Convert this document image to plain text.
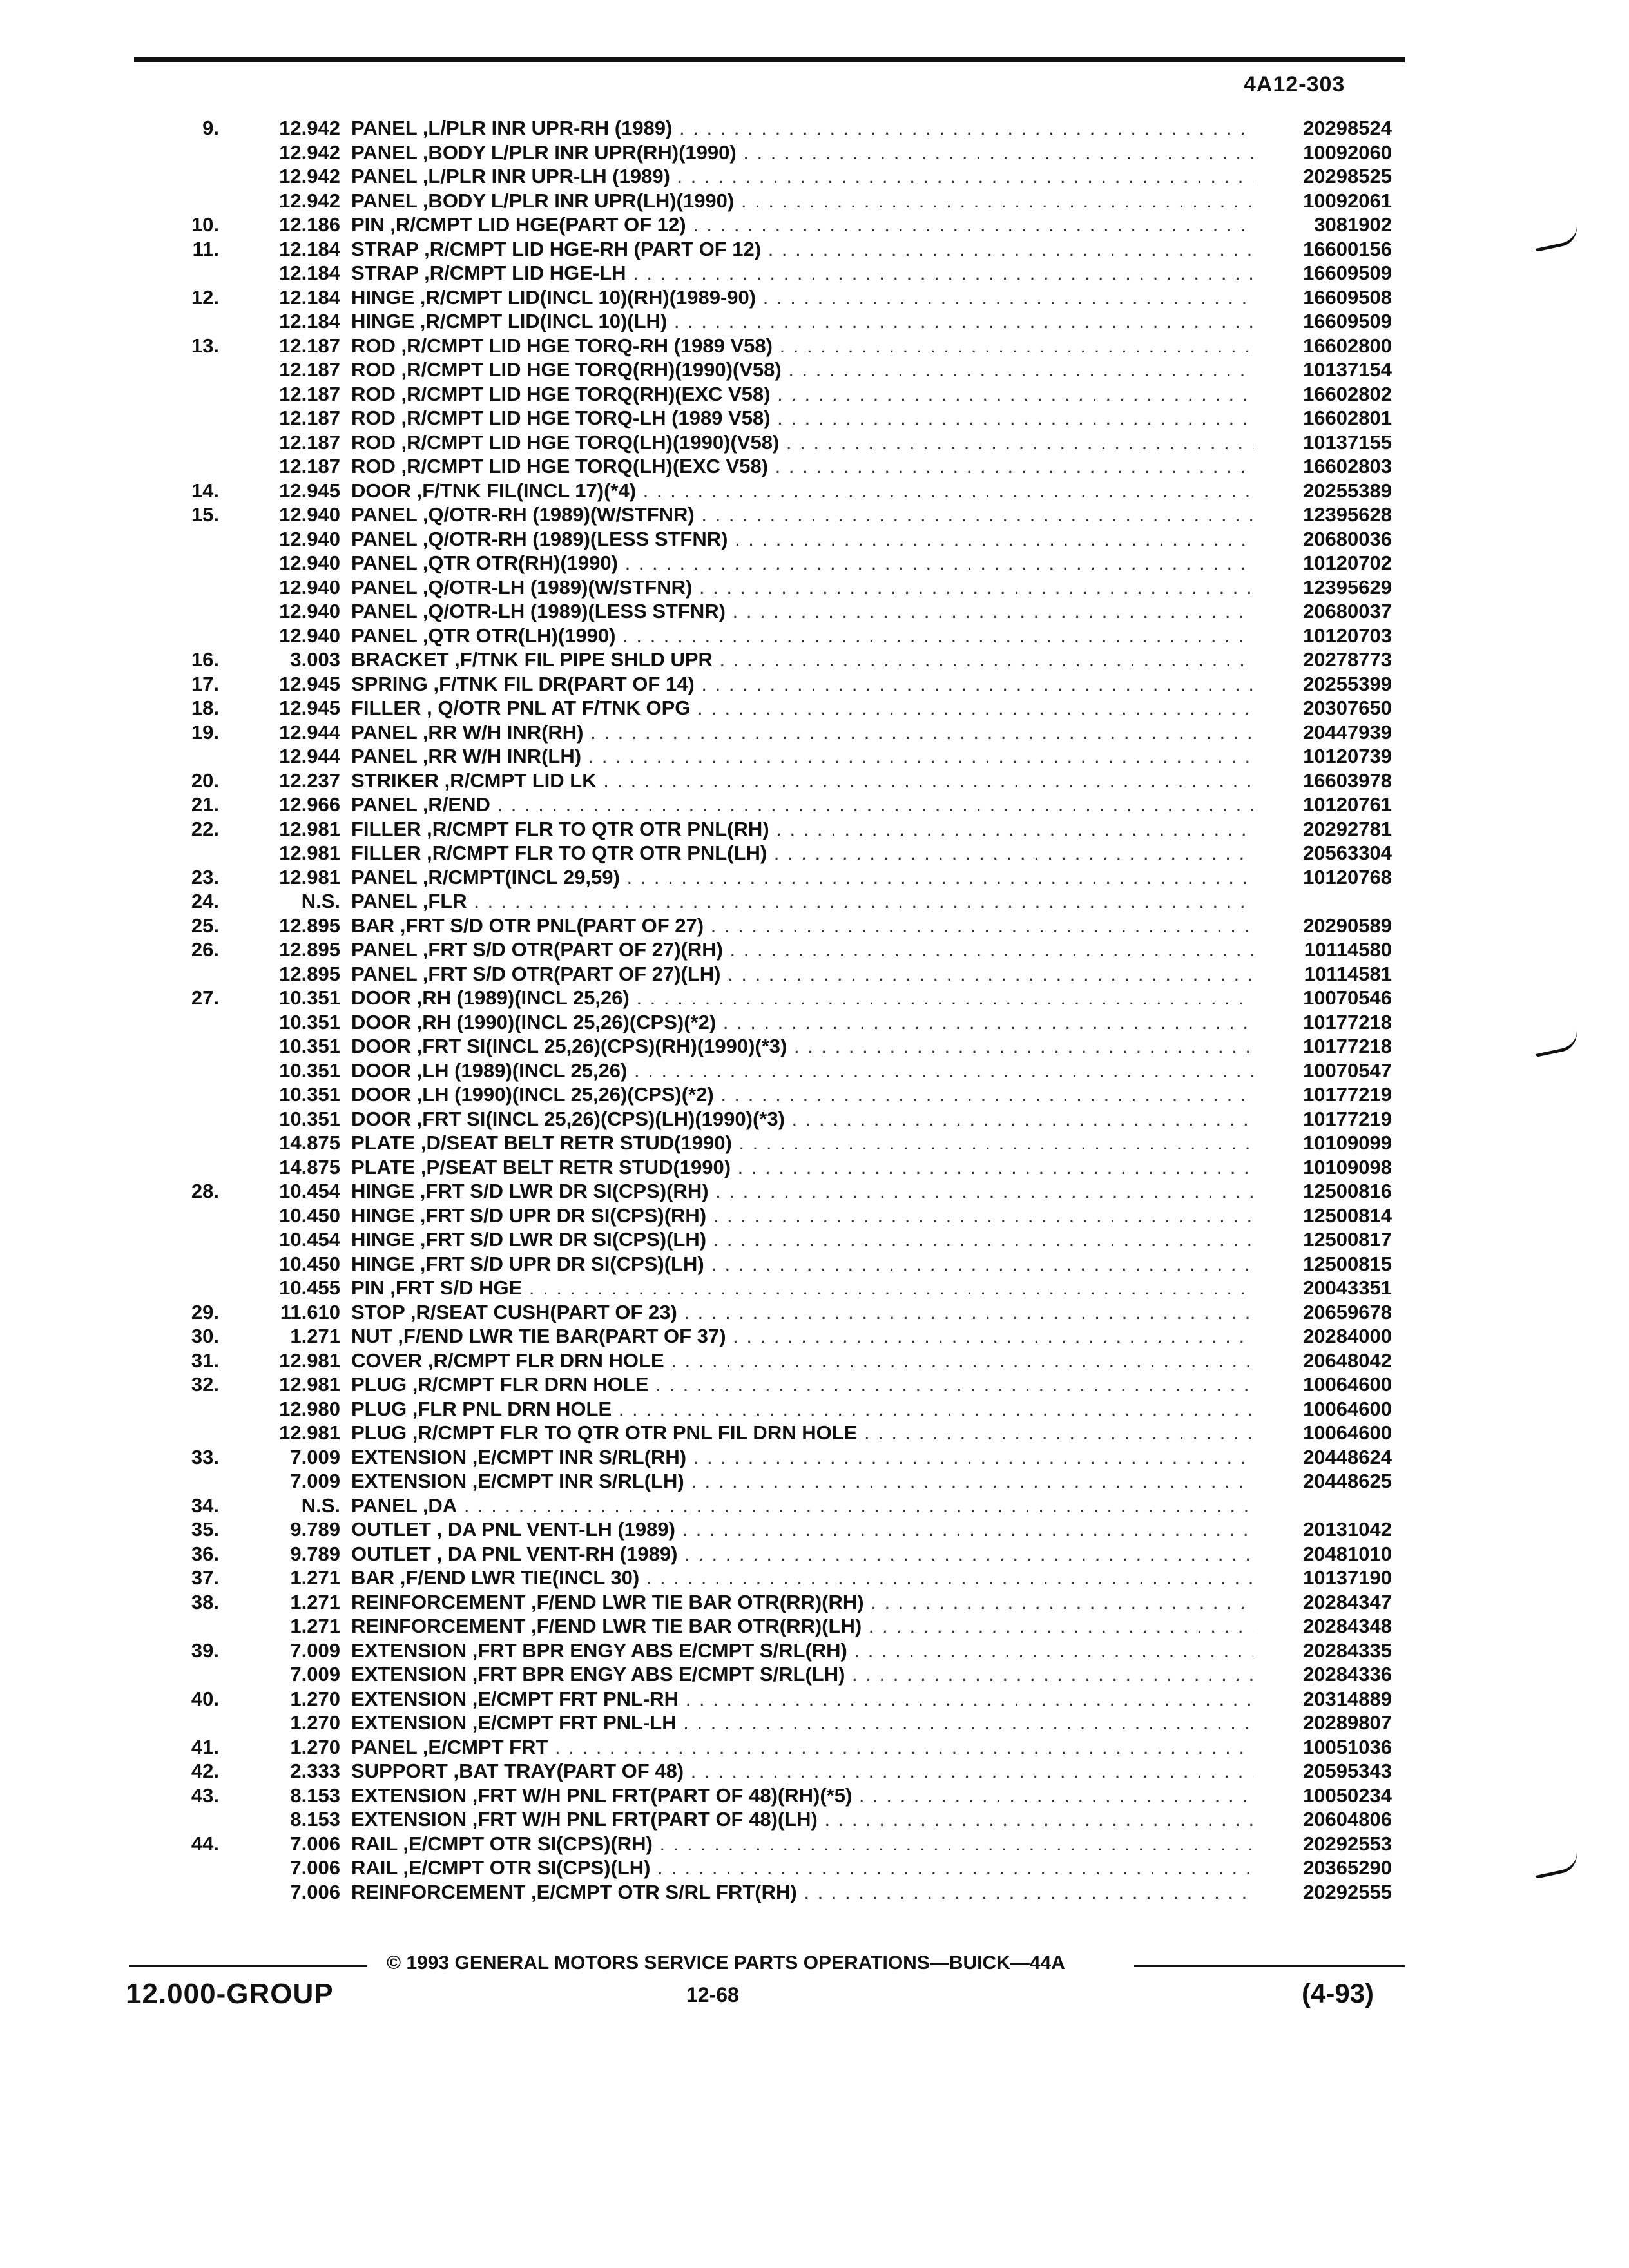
4A12-303
9.	12.942 PANEL ,L/PLR INR UPR-RH (1989) . . .	20298524
12.942 PANEL ,BODY L/PLR INR UPR(RH)(1990) . . .	10092060
12.942 PANEL ,L/PLR INR UPR-LH (1989) . . .	20298525
12.942 PANEL ,BODY L/PLR INR UPR(LH)(1990) . . .	10092061
10.	12.186 PIN ,R/CMPT LID HGE(PART OF 12) . . .	3081902
11.	12.184 STRAP ,R/CMPT LID HGE-RH (PART OF 12) . . .	16600156
12.184 STRAP ,R/CMPT LID HGE-LH . . .	16609509
12.	12.184 HINGE ,R/CMPT LID(INCL 10)(RH)(1989-90) . . .	16609508
12.184 HINGE ,R/CMPT LID(INCL 10)(LH) . . .	16609509
13.	12.187 ROD ,R/CMPT LID HGE TORQ-RH (1989 V58) . . .	16602800
12.187 ROD ,R/CMPT LID HGE TORQ(RH)(1990)(V58) . . .	10137154
12.187 ROD ,R/CMPT LID HGE TORQ(RH)(EXC V58) . . .	16602802
12.187 ROD ,R/CMPT LID HGE TORQ-LH (1989 V58) . . .	16602801
12.187 ROD ,R/CMPT LID HGE TORQ(LH)(1990)(V58) . . .	10137155
12.187 ROD ,R/CMPT LID HGE TORQ(LH)(EXC V58) . . .	16602803
14.	12.945 DOOR ,F/TNK FIL(INCL 17)(*4) . . .	20255389
15.	12.940 PANEL ,Q/OTR-RH (1989)(W/STFNR) . . .	12395628
12.940 PANEL ,Q/OTR-RH (1989)(LESS STFNR) . . .	20680036
12.940 PANEL ,QTR OTR(RH)(1990) . . .	10120702
12.940 PANEL ,Q/OTR-LH (1989)(W/STFNR) . . .	12395629
12.940 PANEL ,Q/OTR-LH (1989)(LESS STFNR) . . .	20680037
12.940 PANEL ,QTR OTR(LH)(1990) . . .	10120703
16.	3.003 BRACKET ,F/TNK FIL PIPE SHLD UPR . . .	20278773
17.	12.945 SPRING ,F/TNK FIL DR(PART OF 14) . . .	20255399
18.	12.945 FILLER , Q/OTR PNL AT F/TNK OPG . . .	20307650
19.	12.944 PANEL ,RR W/H INR(RH) . . .	20447939
12.944 PANEL ,RR W/H INR(LH) . . .	10120739
20.	12.237 STRIKER ,R/CMPT LID LK . . .	16603978
21.	12.966 PANEL ,R/END . . .	10120761
22.	12.981 FILLER ,R/CMPT FLR TO QTR OTR PNL(RH) . . .	20292781
12.981 FILLER ,R/CMPT FLR TO QTR OTR PNL(LH) . . .	20563304
23.	12.981 PANEL ,R/CMPT(INCL 29,59) . . .	10120768
24.	N.S. PANEL ,FLR . . .
25.	12.895 BAR ,FRT S/D OTR PNL(PART OF 27) . . .	20290589
26.	12.895 PANEL ,FRT S/D OTR(PART OF 27)(RH) . . .	10114580
12.895 PANEL ,FRT S/D OTR(PART OF 27)(LH) . . .	10114581
27.	10.351 DOOR ,RH (1989)(INCL 25,26) . . .	10070546
10.351 DOOR ,RH (1990)(INCL 25,26)(CPS)(*2) . . .	10177218
10.351 DOOR ,FRT SI(INCL 25,26)(CPS)(RH)(1990)(*3) . . .	10177218
10.351 DOOR ,LH (1989)(INCL 25,26) . . .	10070547
10.351 DOOR ,LH (1990)(INCL 25,26)(CPS)(*2) . . .	10177219
10.351 DOOR ,FRT SI(INCL 25,26)(CPS)(LH)(1990)(*3) . . .	10177219
14.875 PLATE ,D/SEAT BELT RETR STUD(1990) . . .	10109099
14.875 PLATE ,P/SEAT BELT RETR STUD(1990) . . .	10109098
28.	10.454 HINGE ,FRT S/D LWR DR SI(CPS)(RH) . . .	12500816
10.450 HINGE ,FRT S/D UPR DR SI(CPS)(RH) . . .	12500814
10.454 HINGE ,FRT S/D LWR DR SI(CPS)(LH) . . .	12500817
10.450 HINGE ,FRT S/D UPR DR SI(CPS)(LH) . . .	12500815
10.455 PIN ,FRT S/D HGE . . .	20043351
29.	11.610 STOP ,R/SEAT CUSH(PART OF 23) . . .	20659678
30.	1.271 NUT ,F/END LWR TIE BAR(PART OF 37) . . .	20284000
31.	12.981 COVER ,R/CMPT FLR DRN HOLE . . .	20648042
32.	12.981 PLUG ,R/CMPT FLR DRN HOLE . . .	10064600
12.980 PLUG ,FLR PNL DRN HOLE . . .	10064600
12.981 PLUG ,R/CMPT FLR TO QTR OTR PNL FIL DRN HOLE . . .	10064600
33.	7.009 EXTENSION ,E/CMPT INR S/RL(RH) . . .	20448624
7.009 EXTENSION ,E/CMPT INR S/RL(LH) . . .	20448625
34.	N.S. PANEL ,DA . . .
35.	9.789 OUTLET , DA PNL VENT-LH (1989) . . .	20131042
36.	9.789 OUTLET , DA PNL VENT-RH (1989) . . .	20481010
37.	1.271 BAR ,F/END LWR TIE(INCL 30) . . .	10137190
38.	1.271 REINFORCEMENT ,F/END LWR TIE BAR OTR(RR)(RH) . . .	20284347
1.271 REINFORCEMENT ,F/END LWR TIE BAR OTR(RR)(LH) . . .	20284348
39.	7.009 EXTENSION ,FRT BPR ENGY ABS E/CMPT S/RL(RH) . . .	20284335
7.009 EXTENSION ,FRT BPR ENGY ABS E/CMPT S/RL(LH) . . .	20284336
40.	1.270 EXTENSION ,E/CMPT FRT PNL-RH . . .	20314889
1.270 EXTENSION ,E/CMPT FRT PNL-LH . . .	20289807
41.	1.270 PANEL ,E/CMPT FRT . . .	10051036
42.	2.333 SUPPORT ,BAT TRAY(PART OF 48) . . .	20595343
43.	8.153 EXTENSION ,FRT W/H PNL FRT(PART OF 48)(RH)(*5) . . .	10050234
8.153 EXTENSION ,FRT W/H PNL FRT(PART OF 48)(LH) . . .	20604806
44.	7.006 RAIL ,E/CMPT OTR SI(CPS)(RH) . . .	20292553
7.006 RAIL ,E/CMPT OTR SI(CPS)(LH) . . .	20365290
7.006 REINFORCEMENT ,E/CMPT OTR S/RL FRT(RH) . . .	20292555
© 1993 GENERAL MOTORS SERVICE PARTS OPERATIONS—BUICK—44A
12.000-GROUP	12-68	(4-93)
